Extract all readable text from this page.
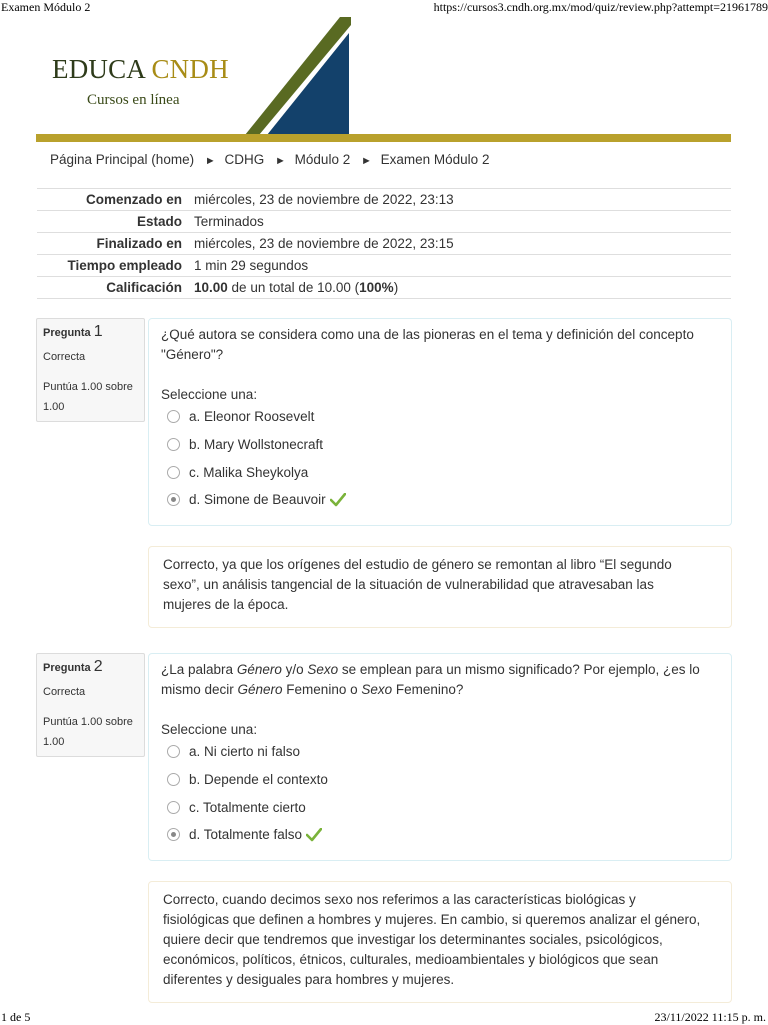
Examen Módulo 2	https://cursos3.cndh.org.mx/mod/quiz/review.php?attempt=21961789
EDUCA CNDH
Cursos en línea
Página Principal (home) ► CDHG ► Módulo 2 ► Examen Módulo 2
Comenzado en	miércoles, 23 de noviembre de 2022, 23:13
Estado	Terminados
Finalizado en	miércoles, 23 de noviembre de 2022, 23:15
Tiempo empleado	1 min 29 segundos
Calificación	10.00 de un total de 10.00 (100%)
Pregunta 1
Correcta
Puntúa 1.00 sobre 1.00
¿Qué autora se considera como una de las pioneras en el tema y definición del concepto "Género"?
Seleccione una:
a. Eleonor Roosevelt
b. Mary Wollstonecraft
c. Malika Sheykolya
d. Simone de Beauvoir
Correcto, ya que los orígenes del estudio de género se remontan al libro “El segundo sexo”, un análisis tangencial de la situación de vulnerabilidad que atravesaban las mujeres de la época.
Pregunta 2
Correcta
Puntúa 1.00 sobre 1.00
¿La palabra Género y/o Sexo se emplean para un mismo significado? Por ejemplo, ¿es lo mismo decir Género Femenino o Sexo Femenino?
Seleccione una:
a. Ni cierto ni falso
b. Depende el contexto
c. Totalmente cierto
d. Totalmente falso
Correcto, cuando decimos sexo nos referimos a las características biológicas y fisiológicas que definen a hombres y mujeres. En cambio, si queremos analizar el género, quiere decir que tendremos que investigar los determinantes sociales, psicológicos, económicos, políticos, étnicos, culturales, medioambientales y biológicos que sean diferentes y desiguales para hombres y mujeres.
1 de 5	23/11/2022 11:15 p. m.
